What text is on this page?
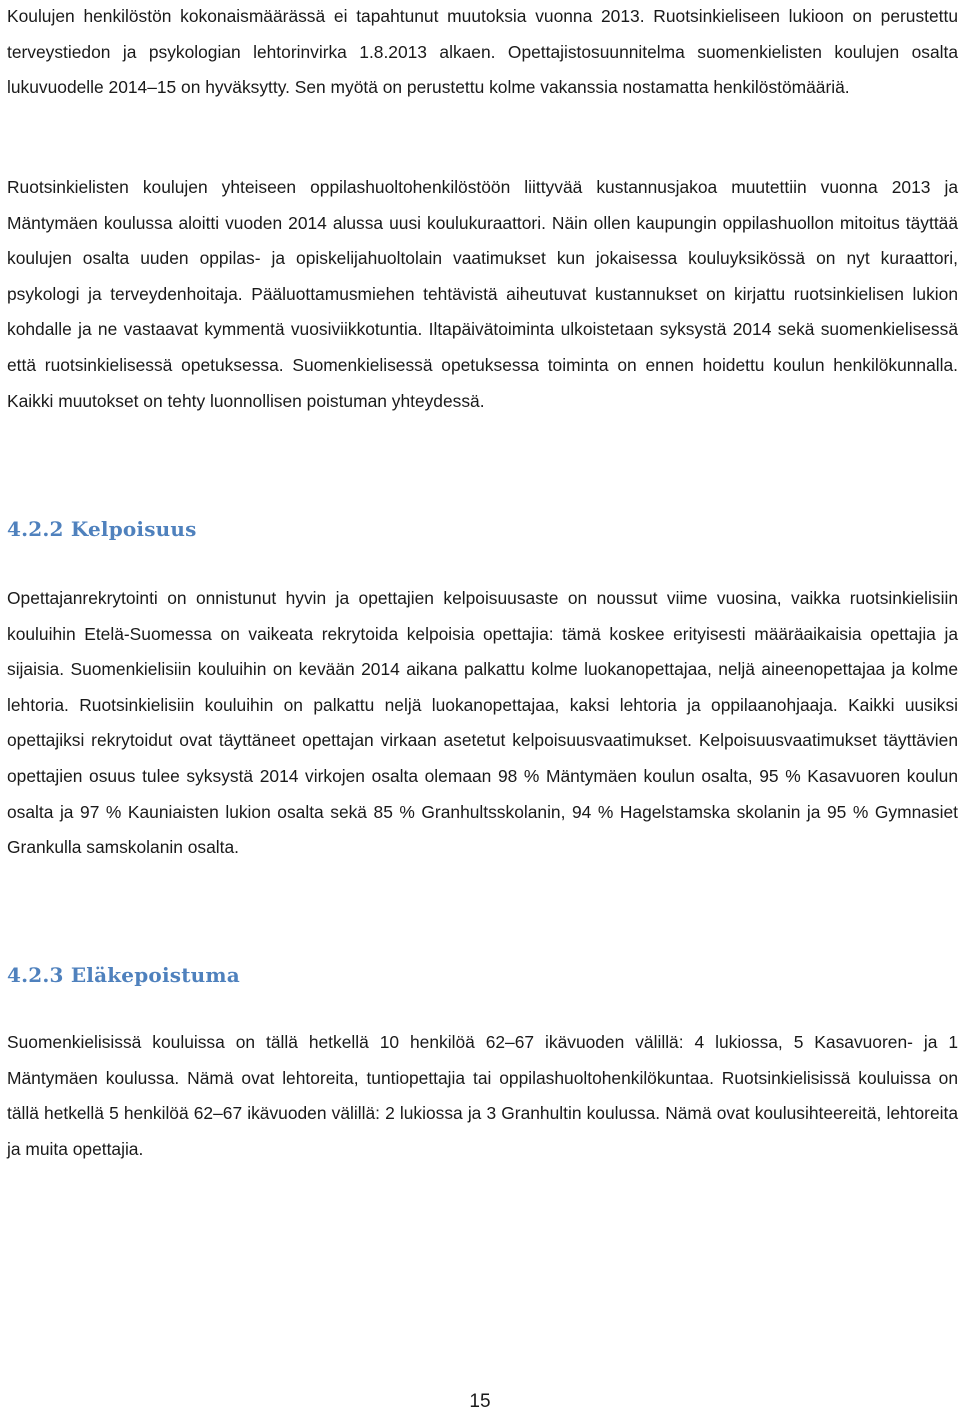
Koulujen henkilöstön kokonaismäärässä ei tapahtunut muutoksia vuonna 2013. Ruotsinkieliseen lukioon on perustettu terveystiedon ja psykologian lehtorinvirka 1.8.2013 alkaen. Opettajistosuunnitelma suomenkielisten koulujen osalta lukuvuodelle 2014–15 on hyväksytty. Sen myötä on perustettu kolme vakanssia nostamatta henkilöstömääriä.

Ruotsinkielisten koulujen yhteiseen oppilashuoltohenkilöstöön liittyvää kustannusjakoa muutettiin vuonna 2013 ja Mäntymäen koulussa aloitti vuoden 2014 alussa uusi koulukuraattori. Näin ollen kaupungin oppilashuollon mitoitus täyttää koulujen osalta uuden oppilas- ja opiskelijahuoltolain vaatimukset kun jokaisessa kouluyksikössä on nyt kuraattori, psykologi ja terveydenhoitaja. Pääluottamusmiehen tehtävistä aiheutuvat kustannukset on kirjattu ruotsinkielisen lukion kohdalle ja ne vastaavat kymmentä vuosiviikkotuntia. Iltapäivätoiminta ulkoistetaan syksystä 2014 sekä suomenkielisessä että ruotsinkielisessä opetuksessa. Suomenkielisessä opetuksessa toiminta on ennen hoidettu koulun henkilökunnalla. Kaikki muutokset on tehty luonnollisen poistuman yhteydessä.

4.2.2 Kelpoisuus

Opettajanrekrytointi on onnistunut hyvin ja opettajien kelpoisuusaste on noussut viime vuosina, vaikka ruotsinkielisiin kouluihin Etelä-Suomessa on vaikeata rekrytoida kelpoisia opettajia: tämä koskee erityisesti määräaikaisia opettajia ja sijaisia. Suomenkielisiin kouluihin on kevään 2014 aikana palkattu kolme luokanopettajaa, neljä aineenopettajaa ja kolme lehtoria. Ruotsinkielisiin kouluihin on palkattu neljä luokanopettajaa, kaksi lehtoria ja oppilaanohjaaja. Kaikki uusiksi opettajiksi rekrytoidut ovat täyttäneet opettajan virkaan asetetut kelpoisuusvaatimukset. Kelpoisuusvaatimukset täyttävien opettajien osuus tulee syksystä 2014 virkojen osalta olemaan 98 % Mäntymäen koulun osalta, 95 % Kasavuoren koulun osalta ja 97 % Kauniaisten lukion osalta sekä 85 % Granhultsskolanin, 94 % Hagelstamska skolanin ja 95 % Gymnasiet Grankulla samskolanin osalta.

4.2.3 Eläkepoistuma

Suomenkielisissä kouluissa on tällä hetkellä 10 henkilöä 62–67 ikävuoden välillä: 4 lukiossa, 5 Kasavuoren- ja 1 Mäntymäen koulussa. Nämä ovat lehtoreita, tuntiopettajia tai oppilashuoltohenkilökuntaa. Ruotsinkielisissä kouluissa on tällä hetkellä 5 henkilöä 62–67 ikävuoden välillä: 2 lukiossa ja 3 Granhultin koulussa. Nämä ovat koulusihteereitä, lehtoreita ja muita opettajia.

15
